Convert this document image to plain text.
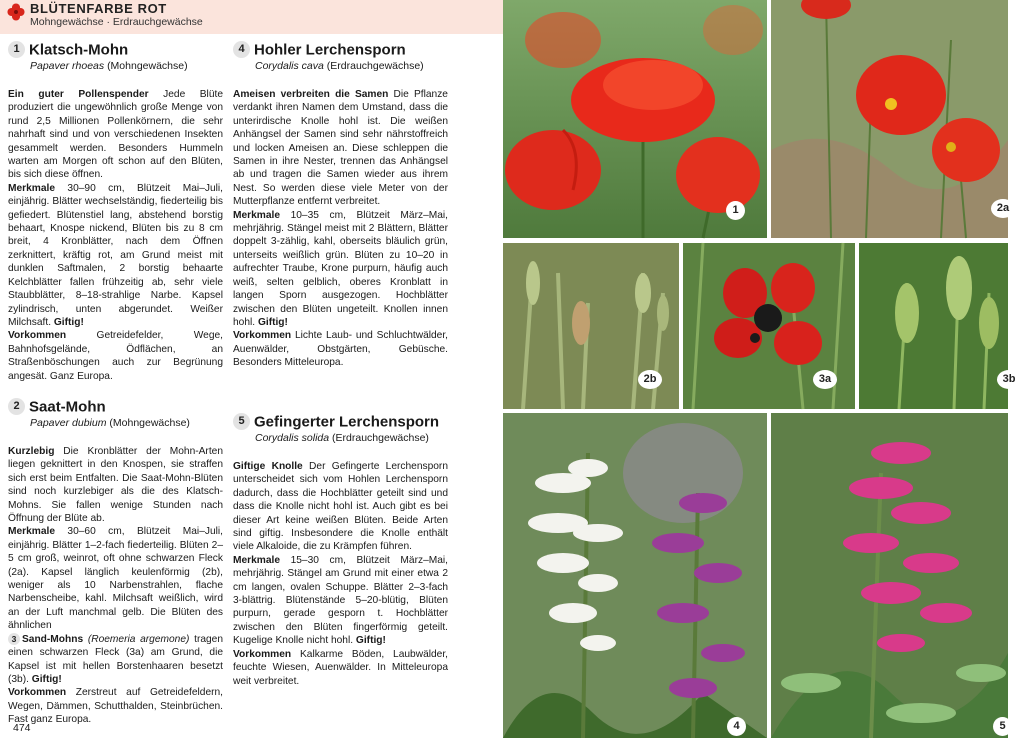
BLÜTENFARBE ROT
Mohngewächse · Erdrauchgewächse
1 Klatsch-Mohn
Papaver rhoeas (Mohngewächse)
Ein guter Pollenspender Jede Blüte produziert die ungewöhnlich große Menge von rund 2,5 Millionen Pollenkörnern, die sehr nahrhaft sind und von verschiedenen Insekten gesammelt werden. Besonders Hummeln warten am Morgen oft schon auf den Blüten, bis sich diese öffnen.
Merkmale 30–90 cm, Blützeit Mai–Juli, einjährig. Blätter wechselständig, fiederteilig bis gefiedert. Blütenstiel lang, abstehend borstig behaart, Knospe nickend, Blüten bis zu 8 cm breit, 4 Kronblätter, nach dem Öffnen zerknittert, kräftig rot, am Grund meist mit dunklen Saftmalen, 2 borstig behaarte Kelchblätter fallen frühzeitig ab, sehr viele Staubblätter, 8–18-strahlige Narbe. Kapsel zylindrisch, unten abgerundet. Weißer Milchsaft. Giftig!
Vorkommen	Getreidefelder, Wege, Bahnhofsgelände, Ödflächen, an Straßenböschungen auch zur Begrünung angesät. Ganz Europa.
2 Saat-Mohn
Papaver dubium (Mohngewächse)
Kurzlebig Die Kronblätter der Mohn-Arten liegen geknittert in den Knospen, sie straffen sich erst beim Entfalten. Die Saat-Mohn-Blüten sind noch kurzlebiger als die des Klatsch-Mohns. Sie fallen wenige Stunden nach Öffnung der Blüte ab.
Merkmale 30–60 cm, Blützeit Mai–Juli, einjährig. Blätter 1–2-fach fiederteilig. Blüten 2–5 cm groß, weinrot, oft ohne schwarzen Fleck (2a). Kapsel länglich keulenförmig (2b), weniger als 10 Narbenstrahlen, flache Narbenscheibe, kahl. Milchsaft weißlich, wird an der Luft manchmal gelb. Die Blüten des ähnlichen
3 Sand-Mohns (Roemeria argemone) tragen einen schwarzen Fleck (3a) am Grund, die Kapsel ist mit hellen Borstenhaaren besetzt (3b). Giftig!
Vorkommen Zerstreut auf Getreidefeldern, Wegen, Dämmen, Schutthalden, Steinbrüchen. Fast ganz Europa.
4 Hohler Lerchensporn
Corydalis cava (Erdrauchgewächse)
Ameisen verbreiten die Samen Die Pflanze verdankt ihren Namen dem Umstand, dass die unterirdische Knolle hohl ist. Die weißen Anhängsel der Samen sind sehr nährstoffreich und locken Ameisen an. Diese schleppen die Samen in ihre Nester, trennen das Anhängsel ab und tragen die Samen wieder aus ihrem Nest. So werden diese viele Meter von der Mutterpflanze entfernt verbreitet.
Merkmale 10–35 cm, Blützeit März–Mai, mehrjährig. Stängel meist mit 2 Blättern, Blätter doppelt 3-zählig, kahl, oberseits bläulich grün, unterseits weißlich grün. Blüten zu 10–20 in aufrechter Traube, Krone purpurn, häufig auch weiß, selten gelblich, oberes Kronblatt in langen Sporn ausgezogen. Hochblätter zwischen den Blüten ungeteilt. Knollen innen hohl. Giftig!
Vorkommen Lichte Laub- und Schluchtwälder, Auenwälder, Obstgärten, Gebüsche. Besonders Mitteleuropa.
5 Gefingerter Lerchensporn
Corydalis solida (Erdrauchgewächse)
Giftige Knolle Der Gefingerte Lerchensporn unterscheidet sich vom Hohlen Lerchensporn dadurch, dass die Hochblätter geteilt sind und dass die Knolle nicht hohl ist. Auch gibt es bei dieser Art keine weißen Blüten. Beide Arten sind giftig. Insbesondere die Knolle enthält viele Alkaloide, die zu Krämpfen führen.
Merkmale 15–30 cm, Blützeit März–Mai, mehrjährig. Stängel am Grund mit einer etwa 2 cm langen, ovalen Schuppe. Blätter 2–3-fach 3-blättrig. Blütenstände 5–20-blütig, Blüten purpurn, gerade gesporn t. Hochblätter zwischen den Blüten fingerförmig geteilt. Kugelige Knolle nicht hohl. Giftig!
Vorkommen Kalkarme Böden, Laubwälder, feuchte Wiesen, Auenwälder. In Mitteleuropa weit verbreitet.
474
1	2a
2b	3a	3b
4	5
